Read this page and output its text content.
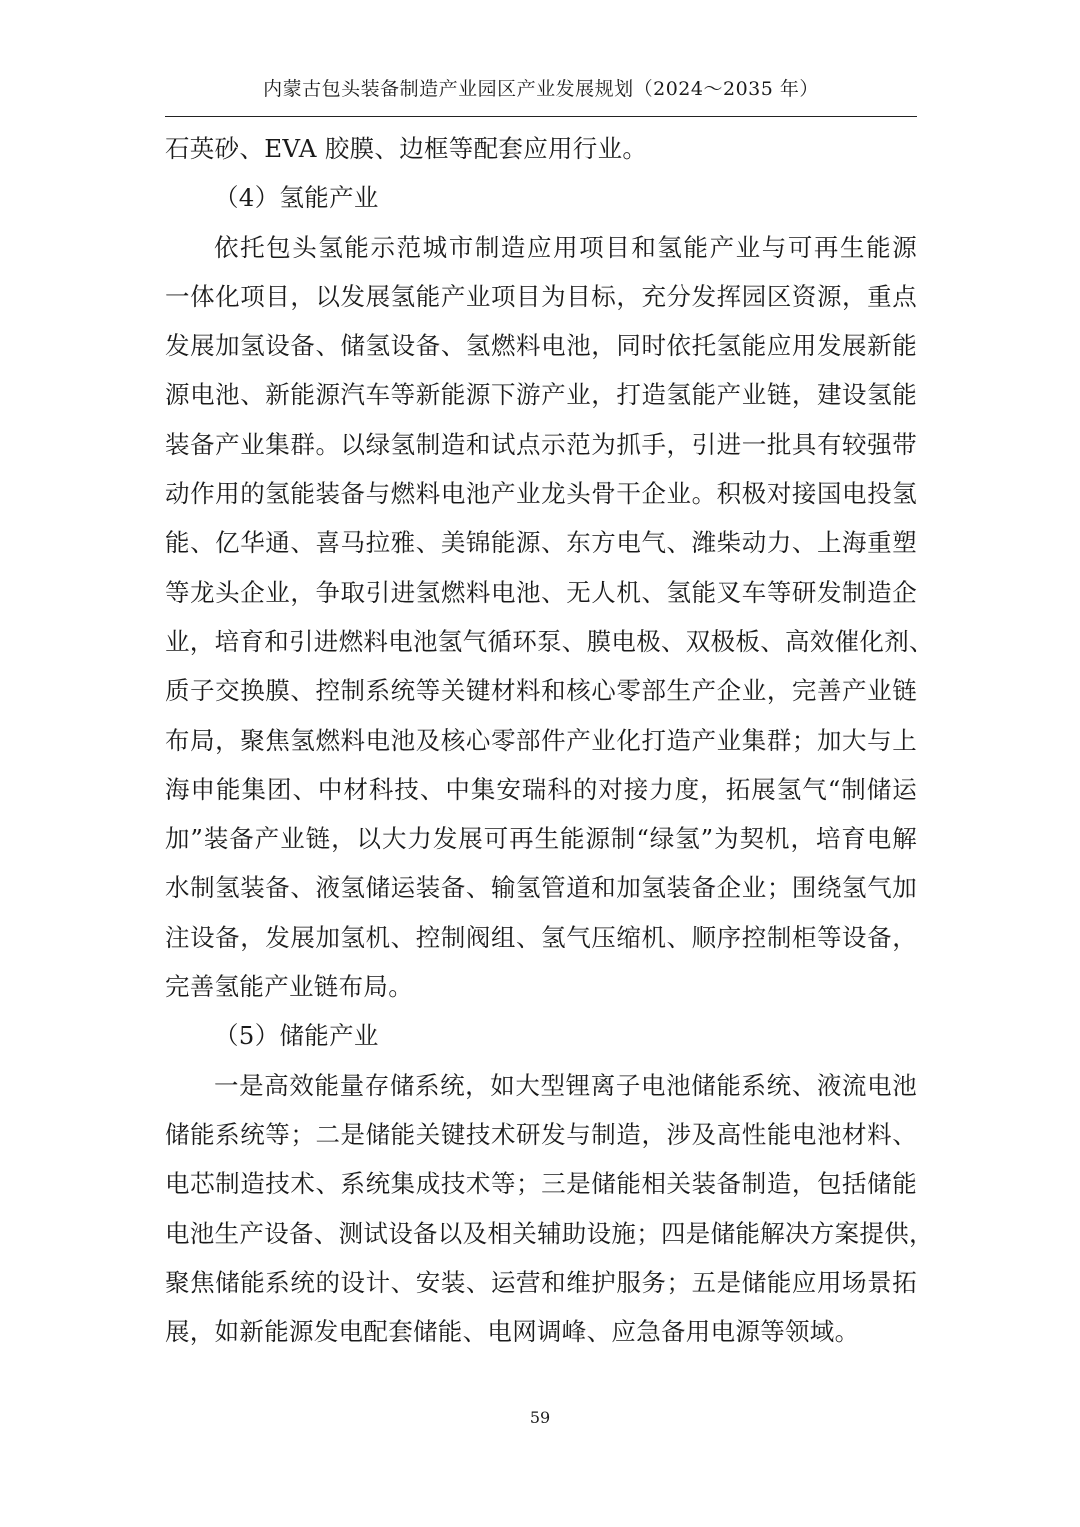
内蒙古包头装备制造产业园区产业发展规划（2024～2035 年）

石英砂、EVA 胶膜、边框等配套应用行业。

（4）氢能产业

依托包头氢能示范城市制造应用项目和氢能产业与可再生能源

一体化项目，以发展氢能产业项目为目标，充分发挥园区资源，重点

发展加氢设备、储氢设备、氢燃料电池，同时依托氢能应用发展新能

源电池、新能源汽车等新能源下游产业，打造氢能产业链，建设氢能

装备产业集群。以绿氢制造和试点示范为抓手，引进一批具有较强带

动作用的氢能装备与燃料电池产业龙头骨干企业。积极对接国电投氢

能、亿华通、喜马拉雅、美锦能源、东方电气、潍柴动力、上海重塑

等龙头企业，争取引进氢燃料电池、无人机、氢能叉车等研发制造企

业，培育和引进燃料电池氢气循环泵、膜电极、双极板、高效催化剂、

质子交换膜、控制系统等关键材料和核心零部生产企业，完善产业链

布局，聚焦氢燃料电池及核心零部件产业化打造产业集群；加大与上

海申能集团、中材科技、中集安瑞科的对接力度，拓展氢气“制储运

加”装备产业链，以大力发展可再生能源制“绿氢”为契机，培育电解

水制氢装备、液氢储运装备、输氢管道和加氢装备企业；围绕氢气加

注设备，发展加氢机、控制阀组、氢气压缩机、顺序控制柜等设备，

完善氢能产业链布局。

（5）储能产业

一是高效能量存储系统，如大型锂离子电池储能系统、液流电池

储能系统等；二是储能关键技术研发与制造，涉及高性能电池材料、

电芯制造技术、系统集成技术等；三是储能相关装备制造，包括储能

电池生产设备、测试设备以及相关辅助设施；四是储能解决方案提供，

聚焦储能系统的设计、安装、运营和维护服务；五是储能应用场景拓

展，如新能源发电配套储能、电网调峰、应急备用电源等领域。

59
